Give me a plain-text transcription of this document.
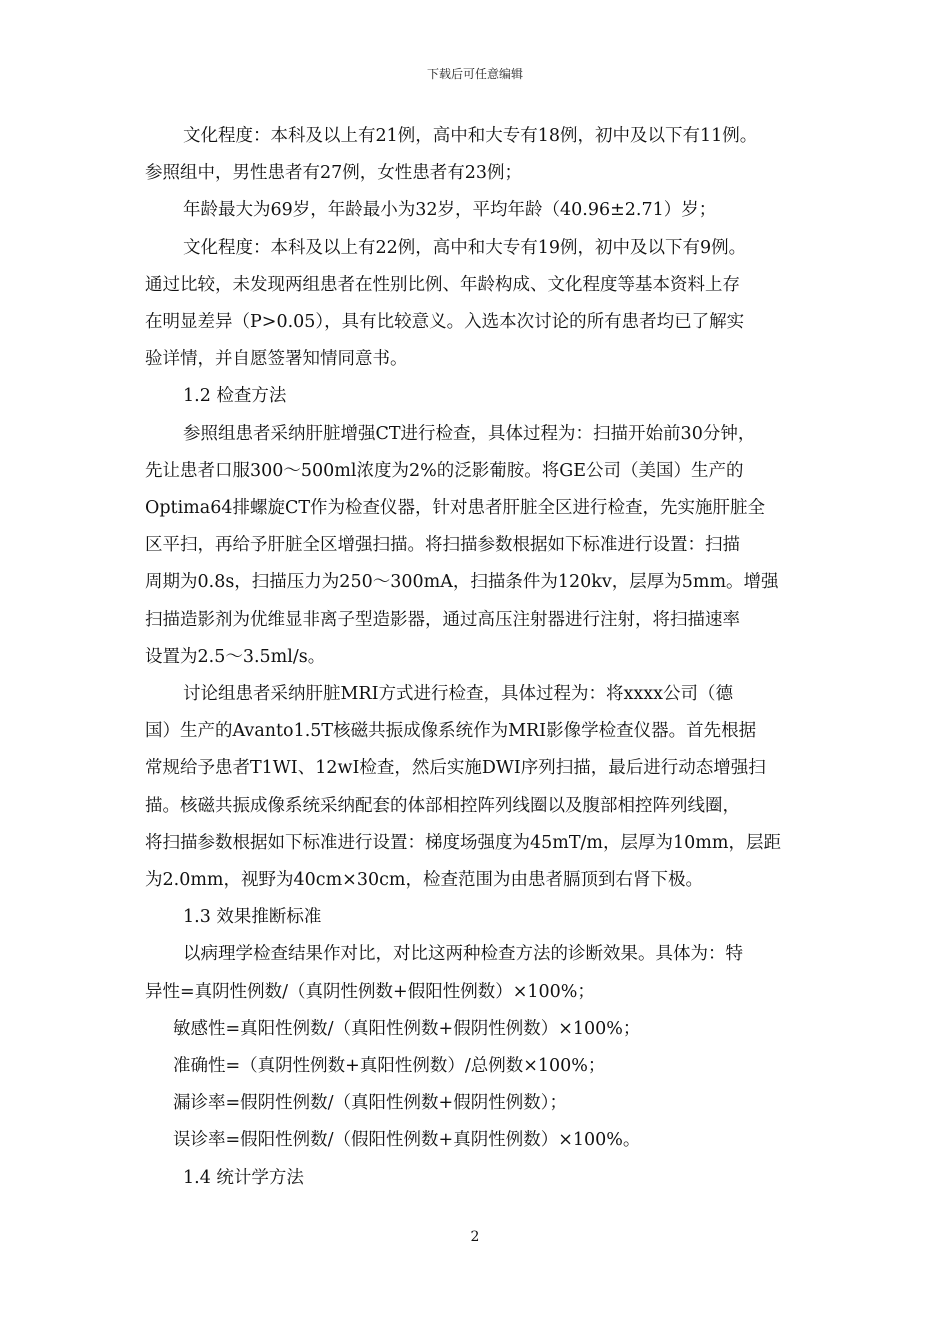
下载后可任意编辑

文化程度：本科及以上有21例，高中和大专有18例，初中及以下有11例。

参照组中，男性患者有27例，女性患者有23例；

年龄最大为69岁，年龄最小为32岁，平均年龄（40.96±2.71）岁；

文化程度：本科及以上有22例，高中和大专有19例，初中及以下有9例。

通过比较，未发现两组患者在性别比例、年龄构成、文化程度等基本资料上存

在明显差异（P>0.05），具有比较意义。入选本次讨论的所有患者均已了解实

验详情，并自愿签署知情同意书。

1.2 检查方法

参照组患者采纳肝脏增强CT进行检查，具体过程为：扫描开始前30分钟，

先让患者口服300～500ml浓度为2%的泛影葡胺。将GE公司（美国）生产的

Optima64排螺旋CT作为检查仪器，针对患者肝脏全区进行检查，先实施肝脏全

区平扫，再给予肝脏全区增强扫描。将扫描参数根据如下标准进行设置：扫描

周期为0.8s，扫描压力为250～300mA，扫描条件为120kv，层厚为5mm。增强

扫描造影剂为优维显非离子型造影器，通过高压注射器进行注射，将扫描速率

设置为2.5～3.5ml/s。

讨论组患者采纳肝脏MRI方式进行检查，具体过程为：将xxxx公司（德

国）生产的Avanto1.5T核磁共振成像系统作为MRI影像学检查仪器。首先根据

常规给予患者T1WI、12wI检查，然后实施DWI序列扫描，最后进行动态增强扫

描。核磁共振成像系统采纳配套的体部相控阵列线圈以及腹部相控阵列线圈，

将扫描参数根据如下标准进行设置：梯度场强度为45mT/m，层厚为10mm，层距

为2.0mm，视野为40cm×30cm，检查范围为由患者膈顶到右肾下极。

1.3 效果推断标准

以病理学检查结果作对比，对比这两种检查方法的诊断效果。具体为：特

异性=真阴性例数/（真阴性例数+假阳性例数）×100%；

敏感性=真阳性例数/（真阳性例数+假阴性例数）×100%；

准确性=（真阴性例数+真阳性例数）/总例数×100%；

漏诊率=假阴性例数/（真阳性例数+假阴性例数）；

误诊率=假阳性例数/（假阳性例数+真阴性例数）×100%。

1.4 统计学方法

2
